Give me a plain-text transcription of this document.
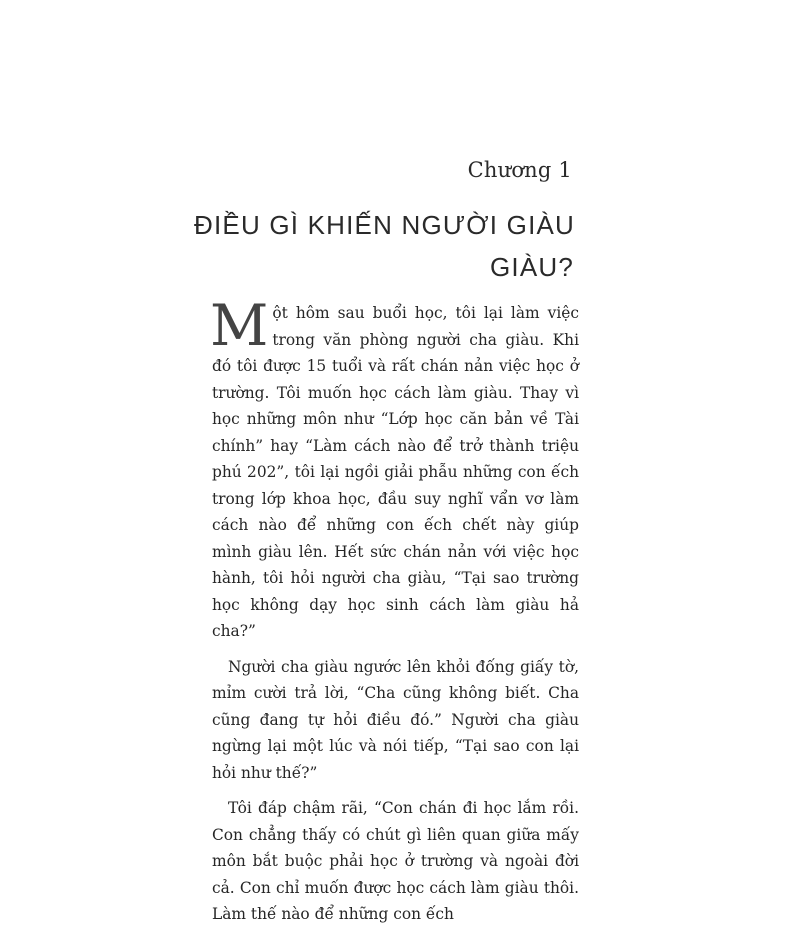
Chương 1
ĐIỀU GÌ KHIẾN NGƯỜI GIÀU
GIÀU?

Một hôm sau buổi học, tôi lại làm việc trong văn phòng người cha giàu. Khi đó tôi được 15 tuổi và rất chán nản việc học ở trường. Tôi muốn học cách làm giàu. Thay vì học những môn như “Lớp học căn bản về Tài chính” hay “Làm cách nào để trở thành triệu phú 202”, tôi lại ngồi giải phẫu những con ếch trong lớp khoa học, đầu suy nghĩ vẩn vơ làm cách nào để những con ếch chết này giúp mình giàu lên. Hết sức chán nản với việc học hành, tôi hỏi người cha giàu, “Tại sao trường học không dạy học sinh cách làm giàu hả cha?”

Người cha giàu ngước lên khỏi đống giấy tờ, mỉm cười trả lời, “Cha cũng không biết. Cha cũng đang tự hỏi điều đó.” Người cha giàu ngừng lại một lúc và nói tiếp, “Tại sao con lại hỏi như thế?”

Tôi đáp chậm rãi, “Con chán đi học lắm rồi. Con chẳng thấy có chút gì liên quan giữa mấy môn bắt buộc phải học ở trường và ngoài đời cả. Con chỉ muốn được học cách làm giàu thôi. Làm thế nào để những con ếch
